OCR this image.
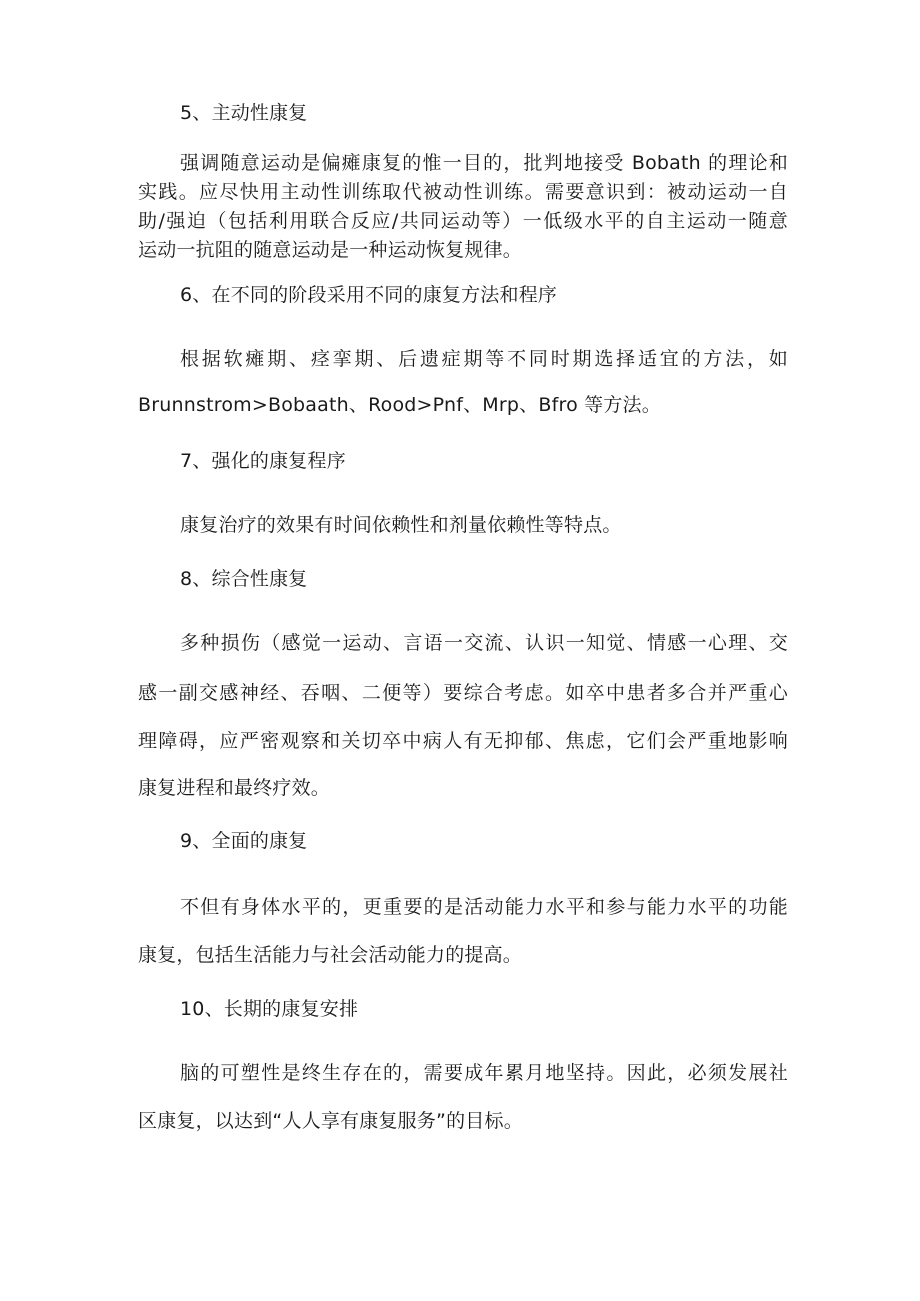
5、主动性康复
强调随意运动是偏瘫康复的惟一目的，批判地接受 Bobath 的理论和
实践。应尽快用主动性训练取代被动性训练。需要意识到：被动运动一自
助/强迫（包括利用联合反应/共同运动等）一低级水平的自主运动一随意
运动一抗阻的随意运动是一种运动恢复规律。
6、在不同的阶段采用不同的康复方法和程序
根据软瘫期、痉挛期、后遗症期等不同时期选择适宜的方法，如
Brunnstrom>Bobaath、Rood>Pnf、Mrp、Bfro 等方法。
7、强化的康复程序
康复治疗的效果有时间依赖性和剂量依赖性等特点。
8、综合性康复
多种损伤（感觉一运动、言语一交流、认识一知觉、情感一心理、交
感一副交感神经、吞咽、二便等）要综合考虑。如卒中患者多合并严重心
理障碍，应严密观察和关切卒中病人有无抑郁、焦虑，它们会严重地影响
康复进程和最终疗效。
9、全面的康复
不但有身体水平的，更重要的是活动能力水平和参与能力水平的功能
康复，包括生活能力与社会活动能力的提高。
10、长期的康复安排
脑的可塑性是终生存在的，需要成年累月地坚持。因此，必须发展社
区康复，以达到“人人享有康复服务”的目标。
